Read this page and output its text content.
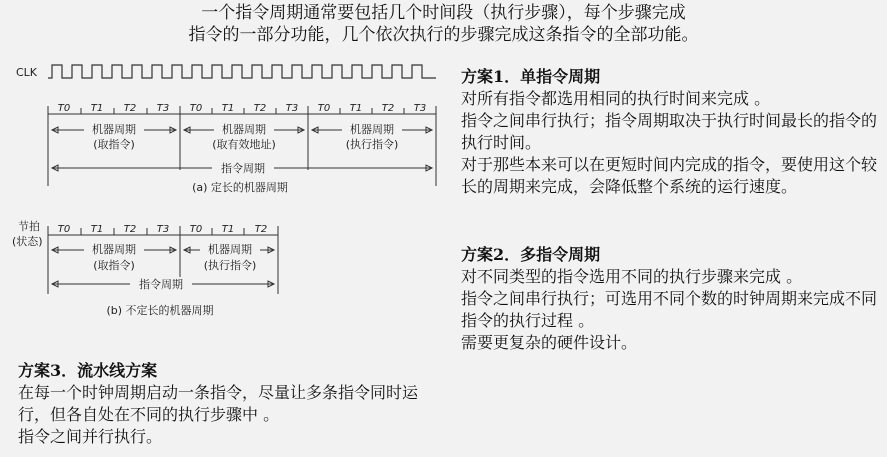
一个指令周期通常要包括几个时间段（执行步骤），每个步骤完成
指令的一部分功能，几个依次执行的步骤完成这条指令的全部功能。
CLK
T0 T1 T2 T3 T0 T1 T2 T3 T0 T1 T2 T3
机器周期
(取指令)
机器周期
(取有效地址)
机器周期
(执行指令)
指令周期
(a) 定长的机器周期
节拍
(状态)
T0 T1 T2 T3 T0 T1 T2
机器周期
(取指令)
机器周期
(执行指令)
指令周期
(b) 不定长的机器周期

方案1．单指令周期

对所有指令都选用相同的执行时间来完成 。

指令之间串行执行；指令周期取决于执行时间最长的指令的执行时间。

对于那些本来可以在更短时间内完成的指令，要使用这个较长的周期来完成，会降低整个系统的运行速度。

方案2．多指令周期

对不同类型的指令选用不同的执行步骤来完成 。

指令之间串行执行；可选用不同个数的时钟周期来完成不同指令的执行过程 。

需要更复杂的硬件设计。

方案3．流水线方案

在每一个时钟周期启动一条指令，尽量让多条指令同时运行，但各自处在不同的执行步骤中 。

指令之间并行执行。
